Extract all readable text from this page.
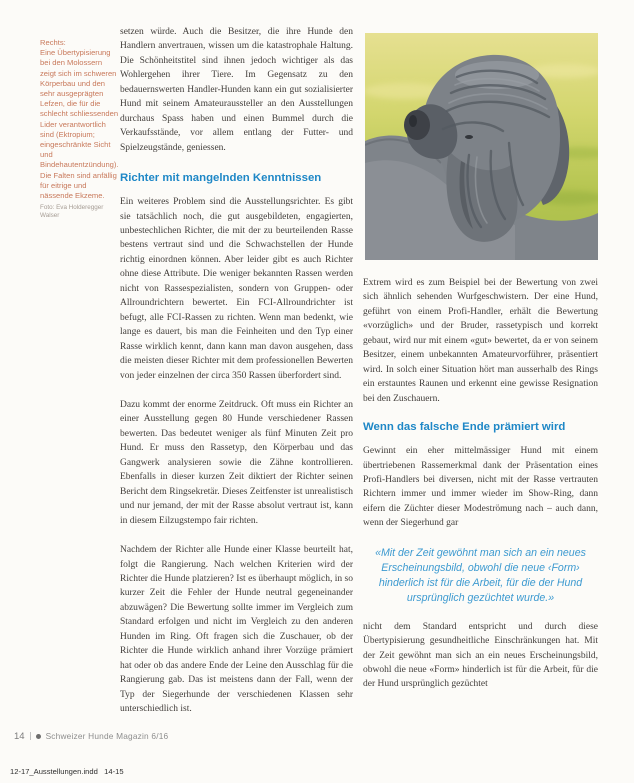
Rechts:
Eine Übertypisierung bei den Molossern zeigt sich im schweren Körperbau und den sehr ausgeprägten Lefzen, die für die schlecht schliessenden Lider verantwortlich sind (Ektropium; eingeschränkte Sicht und Bindehautentzündung). Die Falten sind anfällig für eitrige und nässende Ekzeme.
Foto: Eva Holderegger Walser

setzen würde. Auch die Besitzer, die ihre Hunde den Handlern anvertrauen, wissen um die katastrophale Haltung. Die Schönheitstitel sind ihnen jedoch wichtiger als das Wohlergehen ihrer Tiere. Im Gegensatz zu den bedauernswerten Handler-Hunden kann ein gut sozialisierter Hund mit seinem Amateuraussteller an den Ausstellungen durchaus Spass haben und einen Bummel durch die Verkaufsstände, vor allem entlang der Futter- und Spielzeugstände, geniessen.

Richter mit mangelnden Kenntnissen

Ein weiteres Problem sind die Ausstellungsrichter. Es gibt sie tatsächlich noch, die gut ausgebildeten, engagierten, unbestechlichen Richter, die mit der zu beurteilenden Rasse bestens vertraut sind und die Schwachstellen der Hunde richtig einordnen können. Aber leider gibt es auch Richter ohne diese Attribute. Die weniger bekannten Rassen werden nicht von Rassespezialisten, sondern von Gruppen- oder Allroundrichtern bewertet. Ein FCI-Allroundrichter ist befugt, alle FCI-Rassen zu richten. Wenn man bedenkt, wie lange es dauert, bis man die Feinheiten und den Typ einer Rasse wirklich kennt, dann kann man davon ausgehen, dass die meisten dieser Richter mit dem professionellen Bewerten von jeder einzelnen der circa 350 Rassen überfordert sind.

Dazu kommt der enorme Zeitdruck. Oft muss ein Richter an einer Ausstellung gegen 80 Hunde verschiedener Rassen bewerten. Das bedeutet weniger als fünf Minuten Zeit pro Hund. Er muss den Rassetyp, den Körperbau und das Gangwerk analysieren sowie die Zähne kontrollieren. Ebenfalls in dieser kurzen Zeit diktiert der Richter seinen Bericht dem Ringsekretär. Dieses Zeitfenster ist unrealistisch und nur jemand, der mit der Rasse absolut vertraut ist, kann in diesem Eilzugstempo fair richten.

Nachdem der Richter alle Hunde einer Klasse beurteilt hat, folgt die Rangierung. Nach welchen Kriterien wird der Richter die Hunde platzieren? Ist es überhaupt möglich, in so kurzer Zeit die Fehler der Hunde neutral gegeneinander abzuwägen? Die Bewertung sollte immer im Vergleich zum Standard erfolgen und nicht im Vergleich zu den anderen Hunden im Ring. Oft fragen sich die Zuschauer, ob der Richter die Hunde wirklich anhand ihrer Vorzüge prämiert hat oder ob das andere Ende der Leine den Ausschlag für die Rangierung gab. Das ist meistens dann der Fall, wenn der Typ der Siegerhunde der verschiedenen Klassen sehr unterschiedlich ist.

Extrem wird es zum Beispiel bei der Bewertung von zwei sich ähnlich sehenden Wurfgeschwistern. Der eine Hund, geführt von einem Profi-Handler, erhält die Bewertung «vorzüglich» und der Bruder, rassetypisch und korrekt gebaut, wird nur mit einem «gut» bewertet, da er von seinem Besitzer, einem unbekannten Amateurvorführer, präsentiert wird. In solch einer Situation hört man ausserhalb des Rings ein erstauntes Raunen und erkennt eine gewisse Resignation bei den Zuschauern.

Wenn das falsche Ende prämiert wird

Gewinnt ein eher mittelmässiger Hund mit einem übertriebenen Rassemerkmal dank der Präsentation eines Profi-Handlers bei diversen, nicht mit der Rasse vertrauten Richtern immer und immer wieder im Show-Ring, dann eifern die Züchter dieser Modeströmung nach – auch dann, wenn der Siegerhund gar

«Mit der Zeit gewöhnt man sich an ein neues Erscheinungsbild, obwohl die neue ‹Form› hinderlich ist für die Arbeit, für die der Hund ursprünglich gezüchtet wurde.»

nicht dem Standard entspricht und durch diese Übertypisierung gesundheitliche Einschränkungen hat. Mit der Zeit gewöhnt man sich an ein neues Erscheinungsbild, obwohl die neue «Form» hinderlich ist für die Arbeit, für die der Hund ursprünglich gezüchtet

14	Schweizer Hunde Magazin 6/16
12-17_Ausstellungen.indd   14-15
